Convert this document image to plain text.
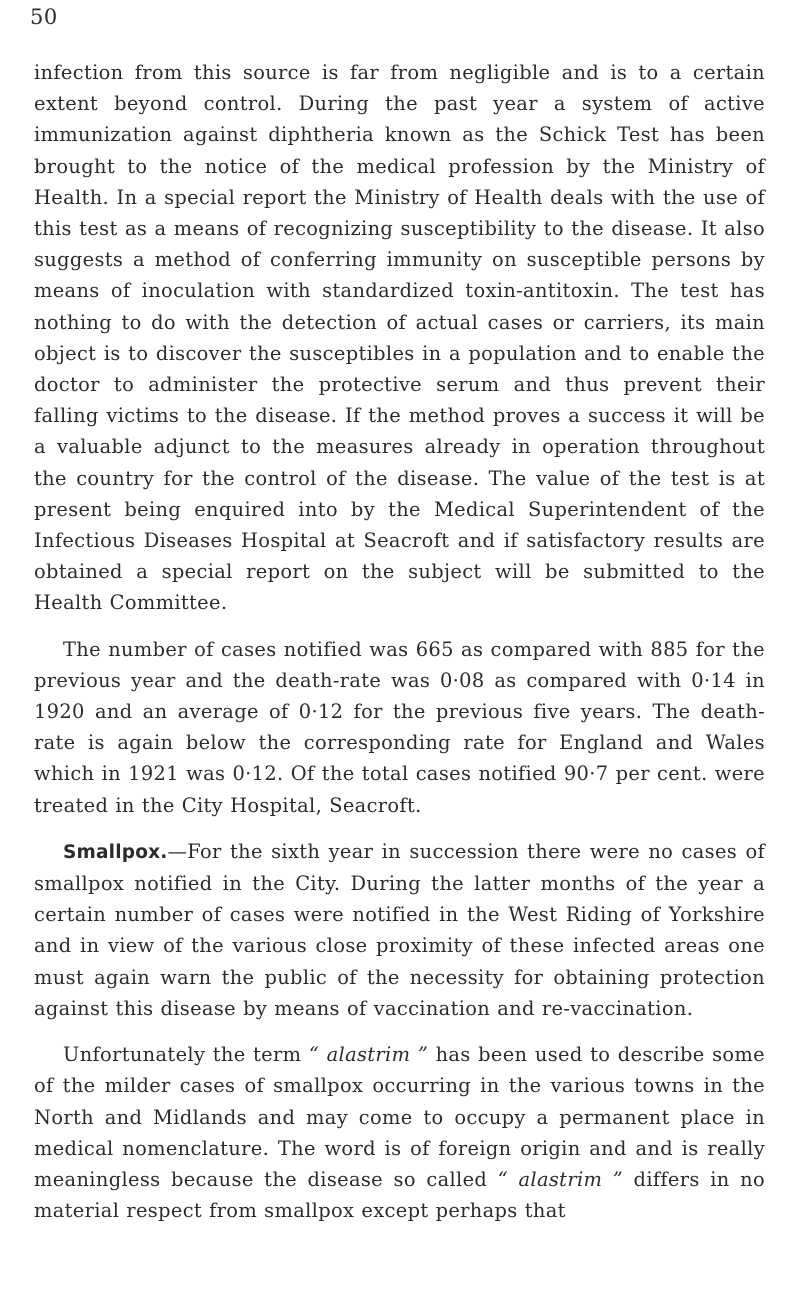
50

infection from this source is far from negligible and is to a certain extent beyond control. During the past year a system of active immunization against diphtheria known as the Schick Test has been brought to the notice of the medical profession by the Ministry of Health. In a special report the Ministry of Health deals with the use of this test as a means of recognizing susceptibility to the disease. It also suggests a method of conferring immunity on susceptible persons by means of inoculation with standardized toxin-antitoxin. The test has nothing to do with the detection of actual cases or carriers, its main object is to discover the susceptibles in a population and to enable the doctor to administer the protective serum and thus prevent their falling victims to the disease. If the method proves a success it will be a valuable adjunct to the measures already in operation throughout the country for the control of the disease. The value of the test is at present being enquired into by the Medical Superintendent of the Infectious Diseases Hospital at Seacroft and if satisfactory results are obtained a special report on the subject will be submitted to the Health Committee.

The number of cases notified was 665 as compared with 885 for the previous year and the death-rate was 0·08 as compared with 0·14 in 1920 and an average of 0·12 for the previous five years. The death-rate is again below the corresponding rate for England and Wales which in 1921 was 0·12. Of the total cases notified 90·7 per cent. were treated in the City Hospital, Seacroft.

Smallpox.—For the sixth year in succession there were no cases of smallpox notified in the City. During the latter months of the year a certain number of cases were notified in the West Riding of Yorkshire and in view of the various close proximity of these infected areas one must again warn the public of the necessity for obtaining protection against this disease by means of vaccination and re-vaccination.

Unfortunately the term “ alastrim ” has been used to describe some of the milder cases of smallpox occurring in the various towns in the North and Midlands and may come to occupy a permanent place in medical nomenclature. The word is of foreign origin and and is really meaningless because the disease so called “ alastrim ” differs in no material respect from smallpox except perhaps that
